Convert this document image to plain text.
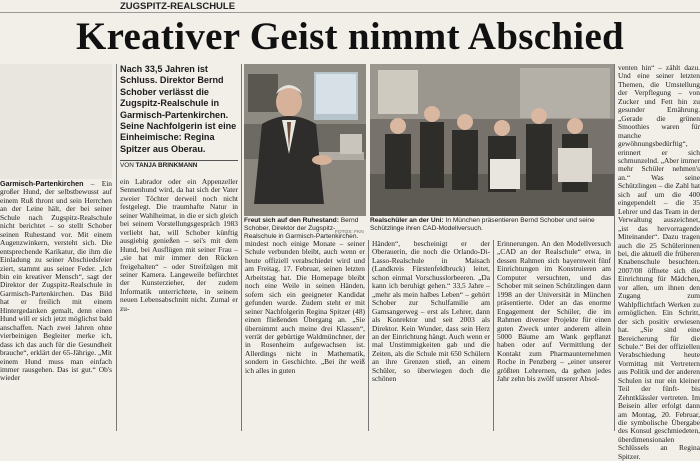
ZUGSPITZ-REALSCHULE
Kreativer Geist nimmt Abschied

Nach 33,5 Jahren ist Schluss. Direktor Bernd Schober verlässt die Zugspitz-Realschule in Garmisch-Partenkirchen. Seine Nachfolgerin ist eine Einheimische: Regina Spitzer aus Oberau.

VON TANJA BRINKMANN
Freut sich auf den Ruhestand: Bernd Schober, Direktor der Zugspitz-Realschule in Garmisch-Partenkirchen.
FOTOS: FKN
Realschüler an der Uni: In München präsentieren Bernd Schober und seine Schützlinge ihren CAD-Modellversuch.

Garmisch-Partenkirchen – Ein großer Hund, der selbstbewusst auf einem Ruß thront und sein Herrchen an der Leine hält, der bei seiner Schule nach Zugspitz-Realschule nicht berichtet – so stellt Schober seinen Ruhestand vor. Mit einem Augenzwinkern, versteht sich. Die entsprechende Karikatur, die ihm die Einladung zu seiner Abschiedsfeier ziert, stammt aus seiner Feder. „Ich bin ein kreativer Mensch“, sagt der Direktor der Zugspitz-Realschule in Garmisch-Partenkirchen. Das Bild hat er freilich mit einem Hintergedanken gemalt, denn einen Hund will er sich jetzt möglichst bald anschaffen. Nach zwei Jahren ohne vierbeinigen Begleiter merke ich, dass ich das auch für die Gesundheit brauche“, erklärt der 65-Jährige. „Mit einem Hund muss man einfach immer rausgehen. Das ist gut.“ Ob's wieder

ein Labrador oder ein Appenzeller Sennenhund wird, da hat sich der Vater zweier Töchter derweil noch nicht festgelegt. Die traumhafte Natur in seiner Wahlheimat, in die er sich gleich bei seinem Vorstellungsgespräch 1983 verliebt hat, will Schober künftig ausgiebig genießen – sei's mit dem Hund, bei Ausflügen mit seiner Frau – „sie hat mir immer den Rücken freigehalten“ – oder Streifzügen mit seiner Kamera. Langeweile befürchtet der Kunsterzieher, der zudem Informatik unterrichtete, in seinem neuen Lebensabschnitt nicht. Zumal er zu-

mindest noch einige Monate – seiner Schule verbunden bleibt, auch wenn er heute offiziell verabschiedet wird und am Freitag, 17. Februar, seinen letzten Arbeitstag hat. Die Homepage bleibt noch eine Weile in seinen Händen, sofern sich ein geeigneter Kandidat gefunden wurde. Zudem steht er mit seiner Nachfolgerin Regina Spitzer (48) einen fließenden Übergang an. „Sie übernimmt auch meine drei Klassen“, verrät der gebürtige Waldmünchner, der in Rosenheim aufgewachsen ist. Allerdings nicht in Mathematik, sondern in Geschichte. „Bei ihr weiß ich alles in guten

Händen“, bescheinigt er der Oberauerin, die noch die Orlando-Di-Lasso-Realschule in Maisach (Landkreis Fürstenfeldbruck) leitet, schon einmal Vorschusslorbeeren. „Da kann ich beruhigt gehen.“ 33,5 Jahre – „mehr als mein halbes Leben“ – gehört Schober zur Schulfamilie am Gamsangerweg – erst als Lehrer, dann als Konrektor und seit 2003 als Direktor. Kein Wunder, dass sein Herz an der Einrichtung hängt. Auch wenn er mal Unstimmigkeiten gab und die Zeiten, als die Schule mit 650 Schülern an ihre Grenzen stieß, an einem Schüler, so überwiegen doch die schönen

Erinnerungen. An den Modellversuch „CAD an der Realschule“ etwa, in dessen Rahmen sich bayernweit fünf Einrichtungen im Konstruieren am Computer versuchten, und das Schober mit seinen Schützlingen dann 1998 an der Universität in München präsentierte. Oder an das enorme Engagement der Schüler, die im Rahmen diverser Projekte für einen guten Zweck unter anderem allein 5000 Bäume am Wank gepflanzt haben oder auf Vermittlung der Kontakt zum Pharmaunternehmen Roche in Penzberg – „einer unserer größten Lehrernen, da gehen jedes Jahr zehn bis zwölf unserer Absol-

venten hin“ – zählt dazu. Und eine seiner letzten Themen, die Umstellung der Verpflegung – von Zucker und Fett hin zu gesunder Ernährung. „Gerade die grünen Smoothies waren für manche gewöhnungsbedürftig“, erinnert er sich schmunzelnd. „Aber immer mehr Schüler nehmen's an.“ Was seine Schützlingen – die Zahl hat sich auf um die 400 eingependelt – die 35 Lehrer und das Team in der Verwaltung auszeichnet, „ist das hervorragende Miteinander“. Dazu tragen auch die 25 Schülerinnen bei, die aktuell die früheren Knabenschule besuchten. 2007/08 öffnete sich die Einrichtung für Mädchen, vor allen, um ihnen den Zugang zum Wahlpflichtfach Werken zu ermöglichen. Ein Schritt, der sich positiv erwiesen hat. „Sie sind eine Bereicherung für die Schule.“ Bei der offiziellen Verabschiedung heute Vormittag mit Vertretern aus Politik und der anderen Schulen ist nur ein kleiner Teil der fünft- bis Zehntklässler vertreten. Im Beisein aller erfolgt dann am Montag, 20. Februar, die symbolische Übergabe des Konsul geschmiedeten, überdimensionalen Schlüssels an Regina Spitzer.
